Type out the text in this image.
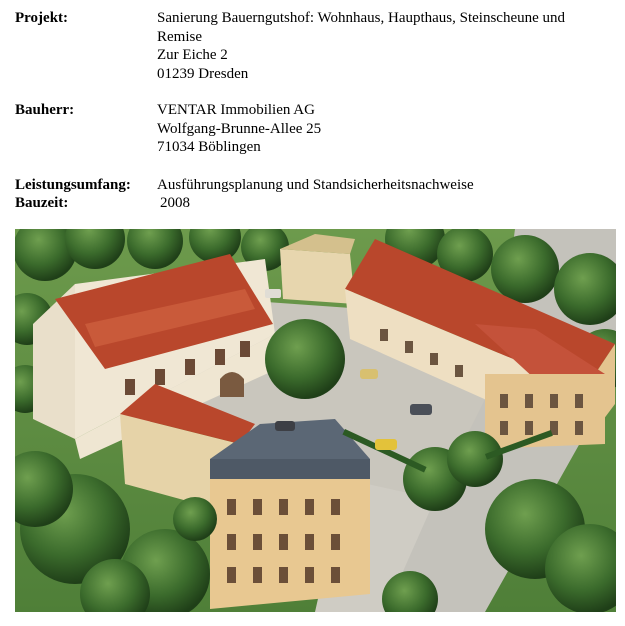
Projekt:	Sanierung Bauerngutshof: Wohnhaus, Haupthaus, Steinscheune und
Remise
Zur Eiche 2
01239 Dresden
Bauherr:	VENTAR Immobilien AG
Wolfgang-Brunne-Allee 25
71034 Böblingen
Leistungsumfang: Ausführungsplanung und Standsicherheitsnachweise
Bauzeit:	2008
